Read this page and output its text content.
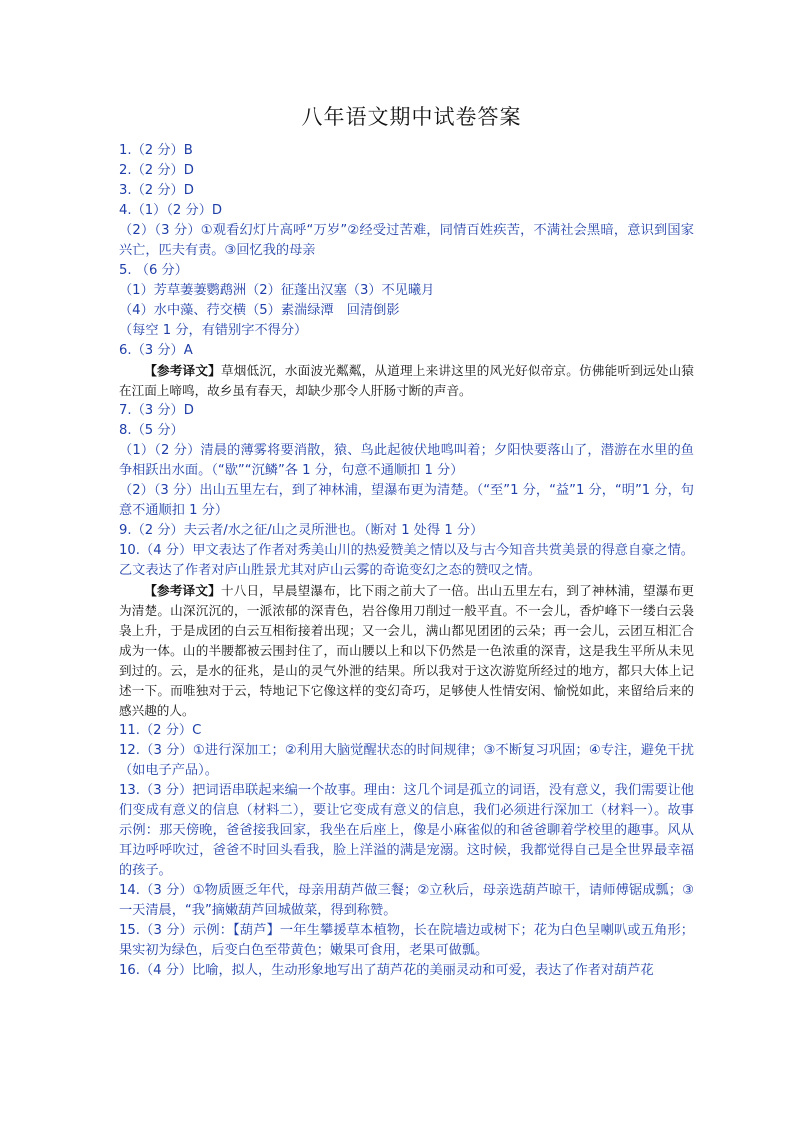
八年语文期中试卷答案
1.（2 分）B
2.（2 分）D
3.（2 分）D
4.（1）（2 分）D
（2）（3 分）①观看幻灯片高呼“万岁”②经受过苦难，同情百姓疾苦，不满社会黑暗，意识到国家兴亡，匹夫有责。③回忆我的母亲
5. （6 分）
（1）芳草萋萋鹦鹉洲（2）征蓬出汉塞（3）不见曦月
（4）水中藻、荇交横（5）素湍绿潭　回清倒影
（每空 1 分，有错别字不得分）
6.（3 分）A
【参考译文】草烟低沉，水面波光粼粼，从道理上来讲这里的风光好似帝京。仿佛能听到远处山猿在江面上啼鸣，故乡虽有春天，却缺少那令人肝肠寸断的声音。
7.（3 分）D
8.（5 分）
（1）（2 分）清晨的薄雾将要消散，猿、鸟此起彼伏地鸣叫着；夕阳快要落山了，潜游在水里的鱼争相跃出水面。（“歇”“沉鳞”各 1 分，句意不通顺扣 1 分）
（2）（3 分）出山五里左右，到了神林浦，望瀑布更为清楚。（“至”1 分，“益”1 分，“明”1 分，句意不通顺扣 1 分）
9.（2 分）夫云者/水之征/山之灵所泄也。（断对 1 处得 1 分）
10.（4 分）甲文表达了作者对秀美山川的热爱赞美之情以及与古今知音共赏美景的得意自豪之情。乙文表达了作者对庐山胜景尤其对庐山云雾的奇诡变幻之态的赞叹之情。
【参考译文】十八日，早晨望瀑布，比下雨之前大了一倍。出山五里左右，到了神林浦，望瀑布更为清楚。山深沉沉的，一派浓郁的深青色，岩谷像用刀削过一般平直。不一会儿，香炉峰下一缕白云袅袅上升，于是成团的白云互相衔接着出现；又一会儿，满山都见团团的云朵；再一会儿，云团互相汇合成为一体。山的半腰都被云围封住了，而山腰以上和以下仍然是一色浓重的深青，这是我生平所从未见到过的。云，是水的征兆，是山的灵气外泄的结果。所以我对于这次游览所经过的地方，都只大体上记述一下。而唯独对于云，特地记下它像这样的变幻奇巧，足够使人性情安闲、愉悦如此，来留给后来的感兴趣的人。
11.（2 分）C
12.（3 分）①进行深加工；②利用大脑觉醒状态的时间规律；③不断复习巩固；④专注，避免干扰（如电子产品）。
13.（3 分）把词语串联起来编一个故事。理由：这几个词是孤立的词语，没有意义，我们需要让他们变成有意义的信息（材料二），要让它变成有意义的信息，我们必须进行深加工（材料一）。故事示例：那天傍晚，爸爸接我回家，我坐在后座上，像是小麻雀似的和爸爸聊着学校里的趣事。风从耳边呼呼吹过，爸爸不时回头看我，脸上洋溢的满是宠溺。这时候，我都觉得自己是全世界最幸福的孩子。
14.（3 分）①物质匮乏年代，母亲用葫芦做三餐；②立秋后，母亲选葫芦晾干，请师傅锯成瓢；③一天清晨，“我”摘嫩葫芦回城做菜，得到称赞。
15.（3 分）示例：【葫芦】一年生攀援草本植物，长在院墙边或树下；花为白色呈喇叭或五角形；果实初为绿色，后变白色至带黄色；嫩果可食用，老果可做瓢。
16.（4 分）比喻，拟人，生动形象地写出了葫芦花的美丽灵动和可爱，表达了作者对葫芦花
